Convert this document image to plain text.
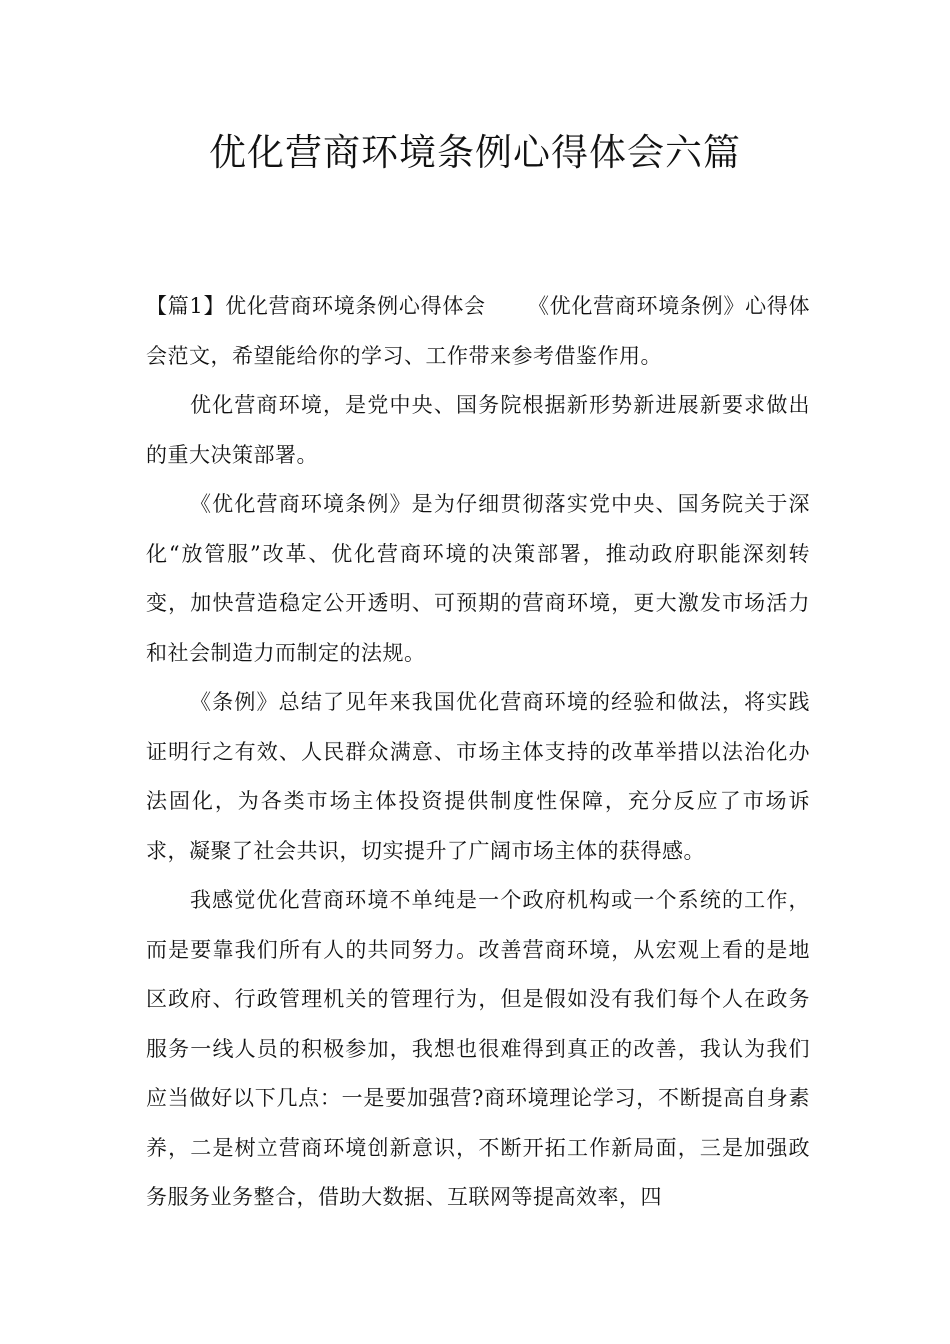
优化营商环境条例心得体会六篇

【篇1】优化营商环境条例心得体会 《优化营商环境条例》心得体会范文，希望能给你的学习、工作带来参考借鉴作用。

优化营商环境，是党中央、国务院根据新形势新进展新要求做出的重大决策部署。

《优化营商环境条例》是为仔细贯彻落实党中央、国务院关于深化“放管服”改革、优化营商环境的决策部署，推动政府职能深刻转变，加快营造稳定公开透明、可预期的营商环境，更大激发市场活力和社会制造力而制定的法规。

《条例》总结了见年来我国优化营商环境的经验和做法，将实践证明行之有效、人民群众满意、市场主体支持的改革举措以法治化办法固化，为各类市场主体投资提供制度性保障，充分反应了市场诉求，凝聚了社会共识，切实提升了广阔市场主体的获得感。

我感觉优化营商环境不单纯是一个政府机构或一个系统的工作，而是要靠我们所有人的共同努力。改善营商环境，从宏观上看的是地区政府、行政管理机关的管理行为，但是假如没有我们每个人在政务服务一线人员的积极参加，我想也很难得到真正的改善，我认为我们应当做好以下几点：一是要加强营?商环境理论学习，不断提高自身素养，二是树立营商环境创新意识，不断开拓工作新局面，三是加强政务服务业务整合，借助大数据、互联网等提高效率，四
